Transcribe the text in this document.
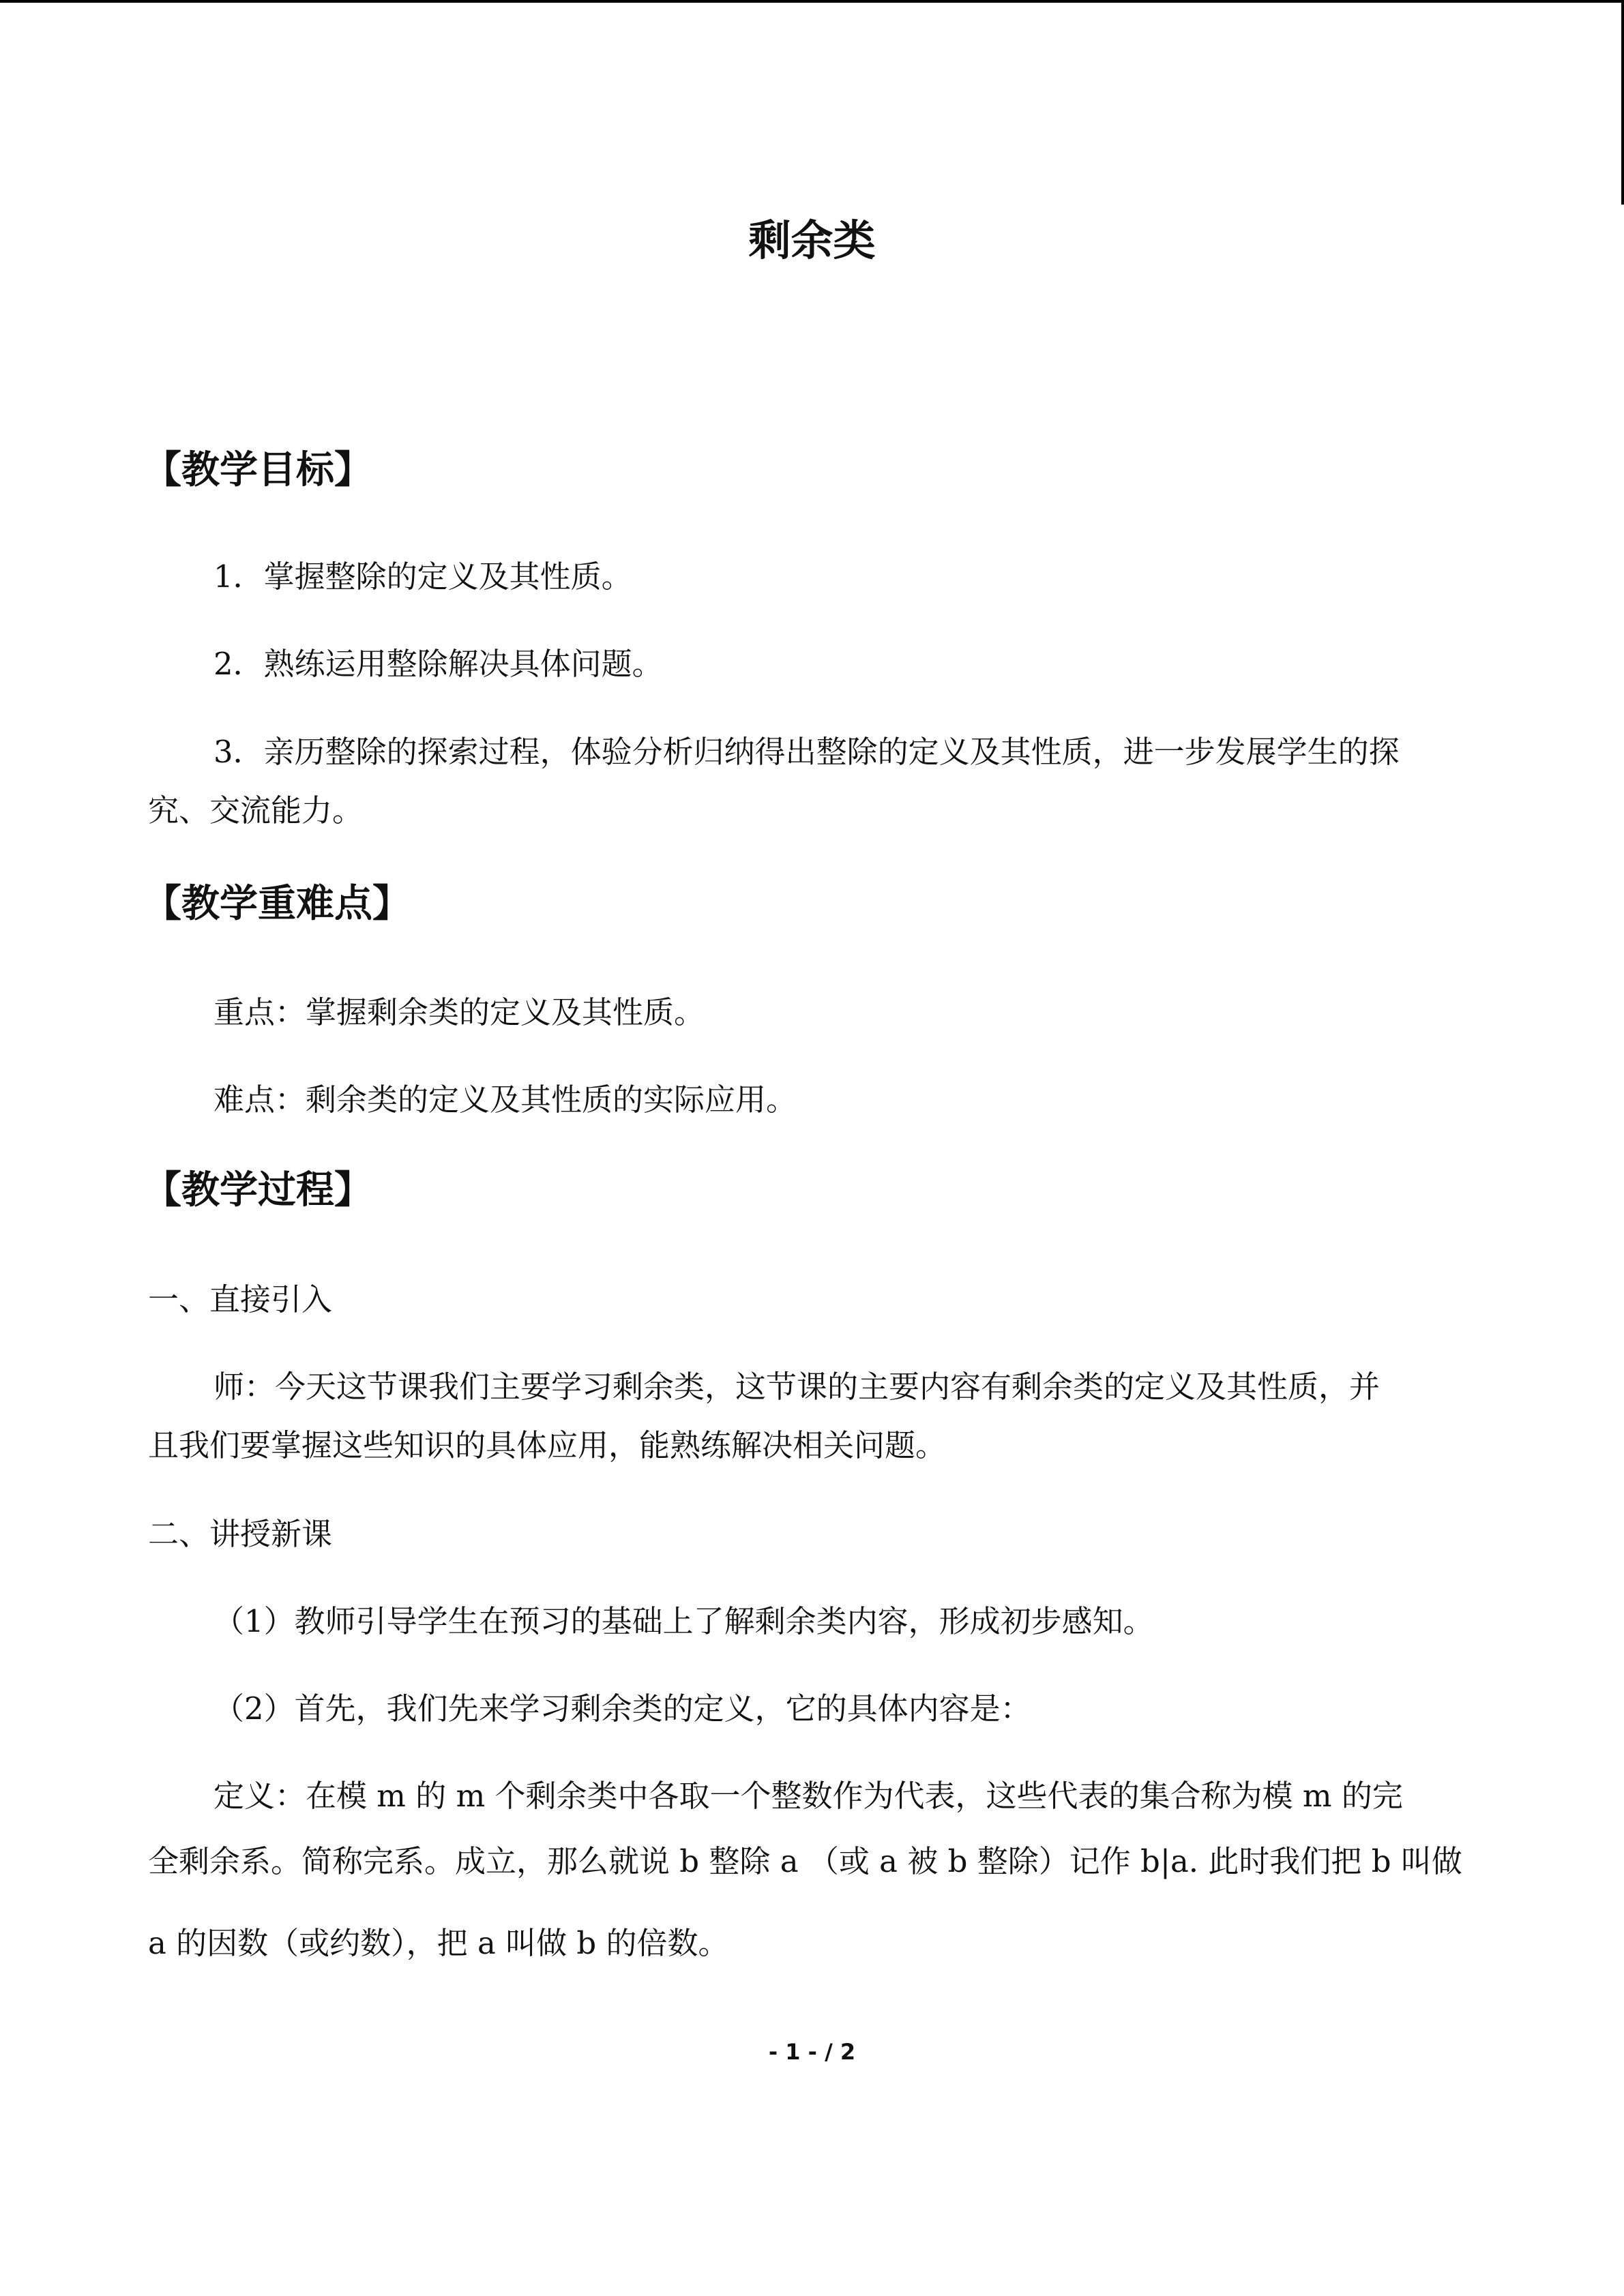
剩余类
【教学目标】
1．掌握整除的定义及其性质。
2．熟练运用整除解决具体问题。
3．亲历整除的探索过程，体验分析归纳得出整除的定义及其性质，进一步发展学生的探
究、交流能力。
【教学重难点】
重点：掌握剩余类的定义及其性质。
难点：剩余类的定义及其性质的实际应用。
【教学过程】
一、直接引入
师：今天这节课我们主要学习剩余类，这节课的主要内容有剩余类的定义及其性质，并
且我们要掌握这些知识的具体应用，能熟练解决相关问题。
二、讲授新课
（1）教师引导学生在预习的基础上了解剩余类内容，形成初步感知。
（2）首先，我们先来学习剩余类的定义，它的具体内容是：
定义：在模 m 的 m 个剩余类中各取一个整数作为代表，这些代表的集合称为模 m 的完
全剩余系。简称完系。成立，那么就说 b 整除 a （或 a 被 b 整除）记作 b|a. 此时我们把 b 叫做
a 的因数（或约数），把 a 叫做 b 的倍数。
- 1 - / 2
